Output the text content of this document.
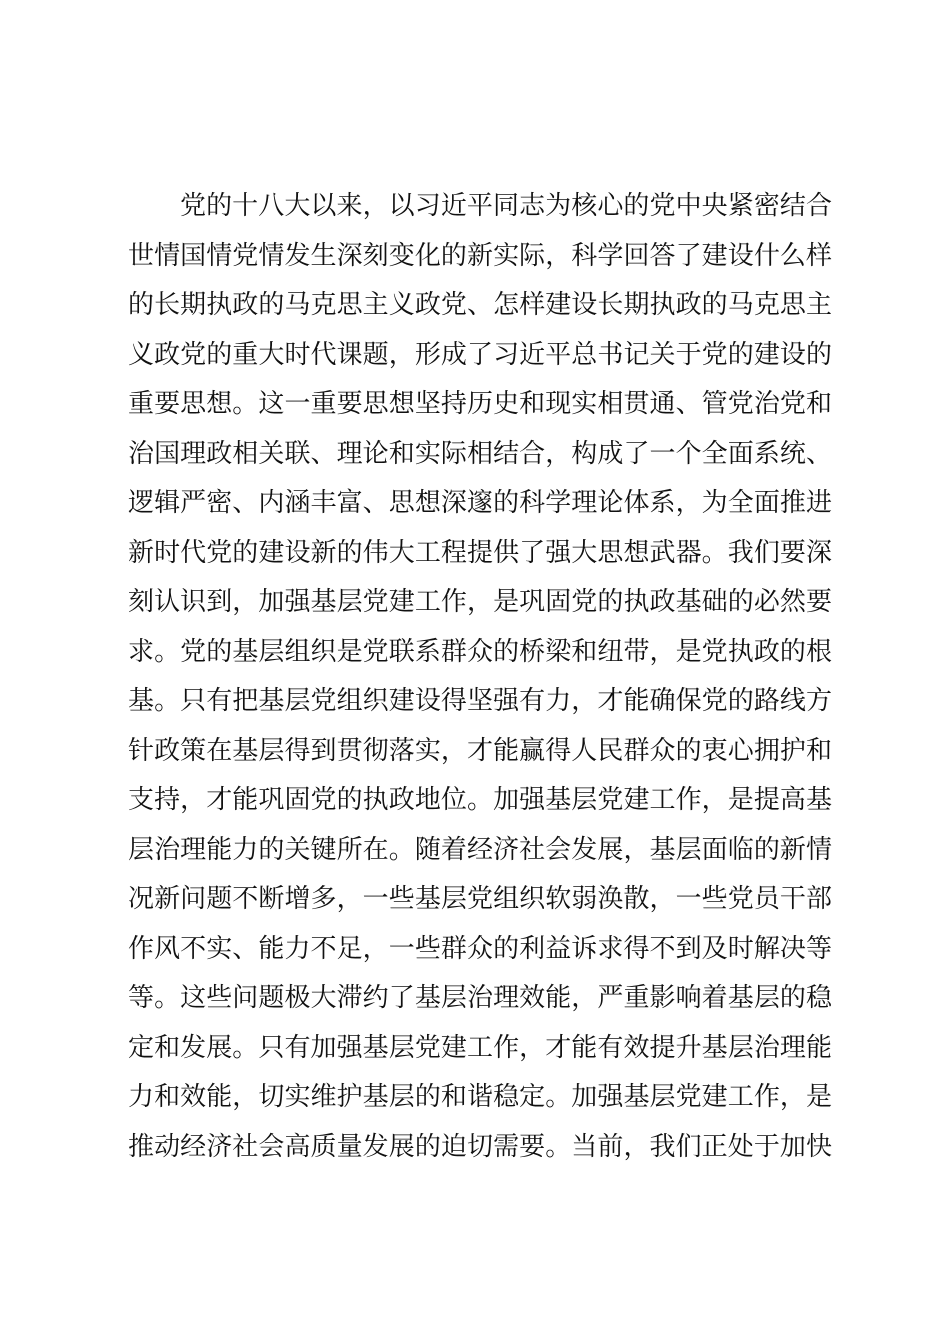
党的十八大以来，以习近平同志为核心的党中央紧密结合
世情国情党情发生深刻变化的新实际，科学回答了建设什么样
的长期执政的马克思主义政党、怎样建设长期执政的马克思主
义政党的重大时代课题，形成了习近平总书记关于党的建设的
重要思想。这一重要思想坚持历史和现实相贯通、管党治党和
治国理政相关联、理论和实际相结合，构成了一个全面系统、
逻辑严密、内涵丰富、思想深邃的科学理论体系，为全面推进
新时代党的建设新的伟大工程提供了强大思想武器。我们要深
刻认识到，加强基层党建工作，是巩固党的执政基础的必然要
求。党的基层组织是党联系群众的桥梁和纽带，是党执政的根
基。只有把基层党组织建设得坚强有力，才能确保党的路线方
针政策在基层得到贯彻落实，才能赢得人民群众的衷心拥护和
支持，才能巩固党的执政地位。加强基层党建工作，是提高基
层治理能力的关键所在。随着经济社会发展，基层面临的新情
况新问题不断增多，一些基层党组织软弱涣散，一些党员干部
作风不实、能力不足，一些群众的利益诉求得不到及时解决等
等。这些问题极大滞约了基层治理效能，严重影响着基层的稳
定和发展。只有加强基层党建工作，才能有效提升基层治理能
力和效能，切实维护基层的和谐稳定。加强基层党建工作，是
推动经济社会高质量发展的迫切需要。当前，我们正处于加快
